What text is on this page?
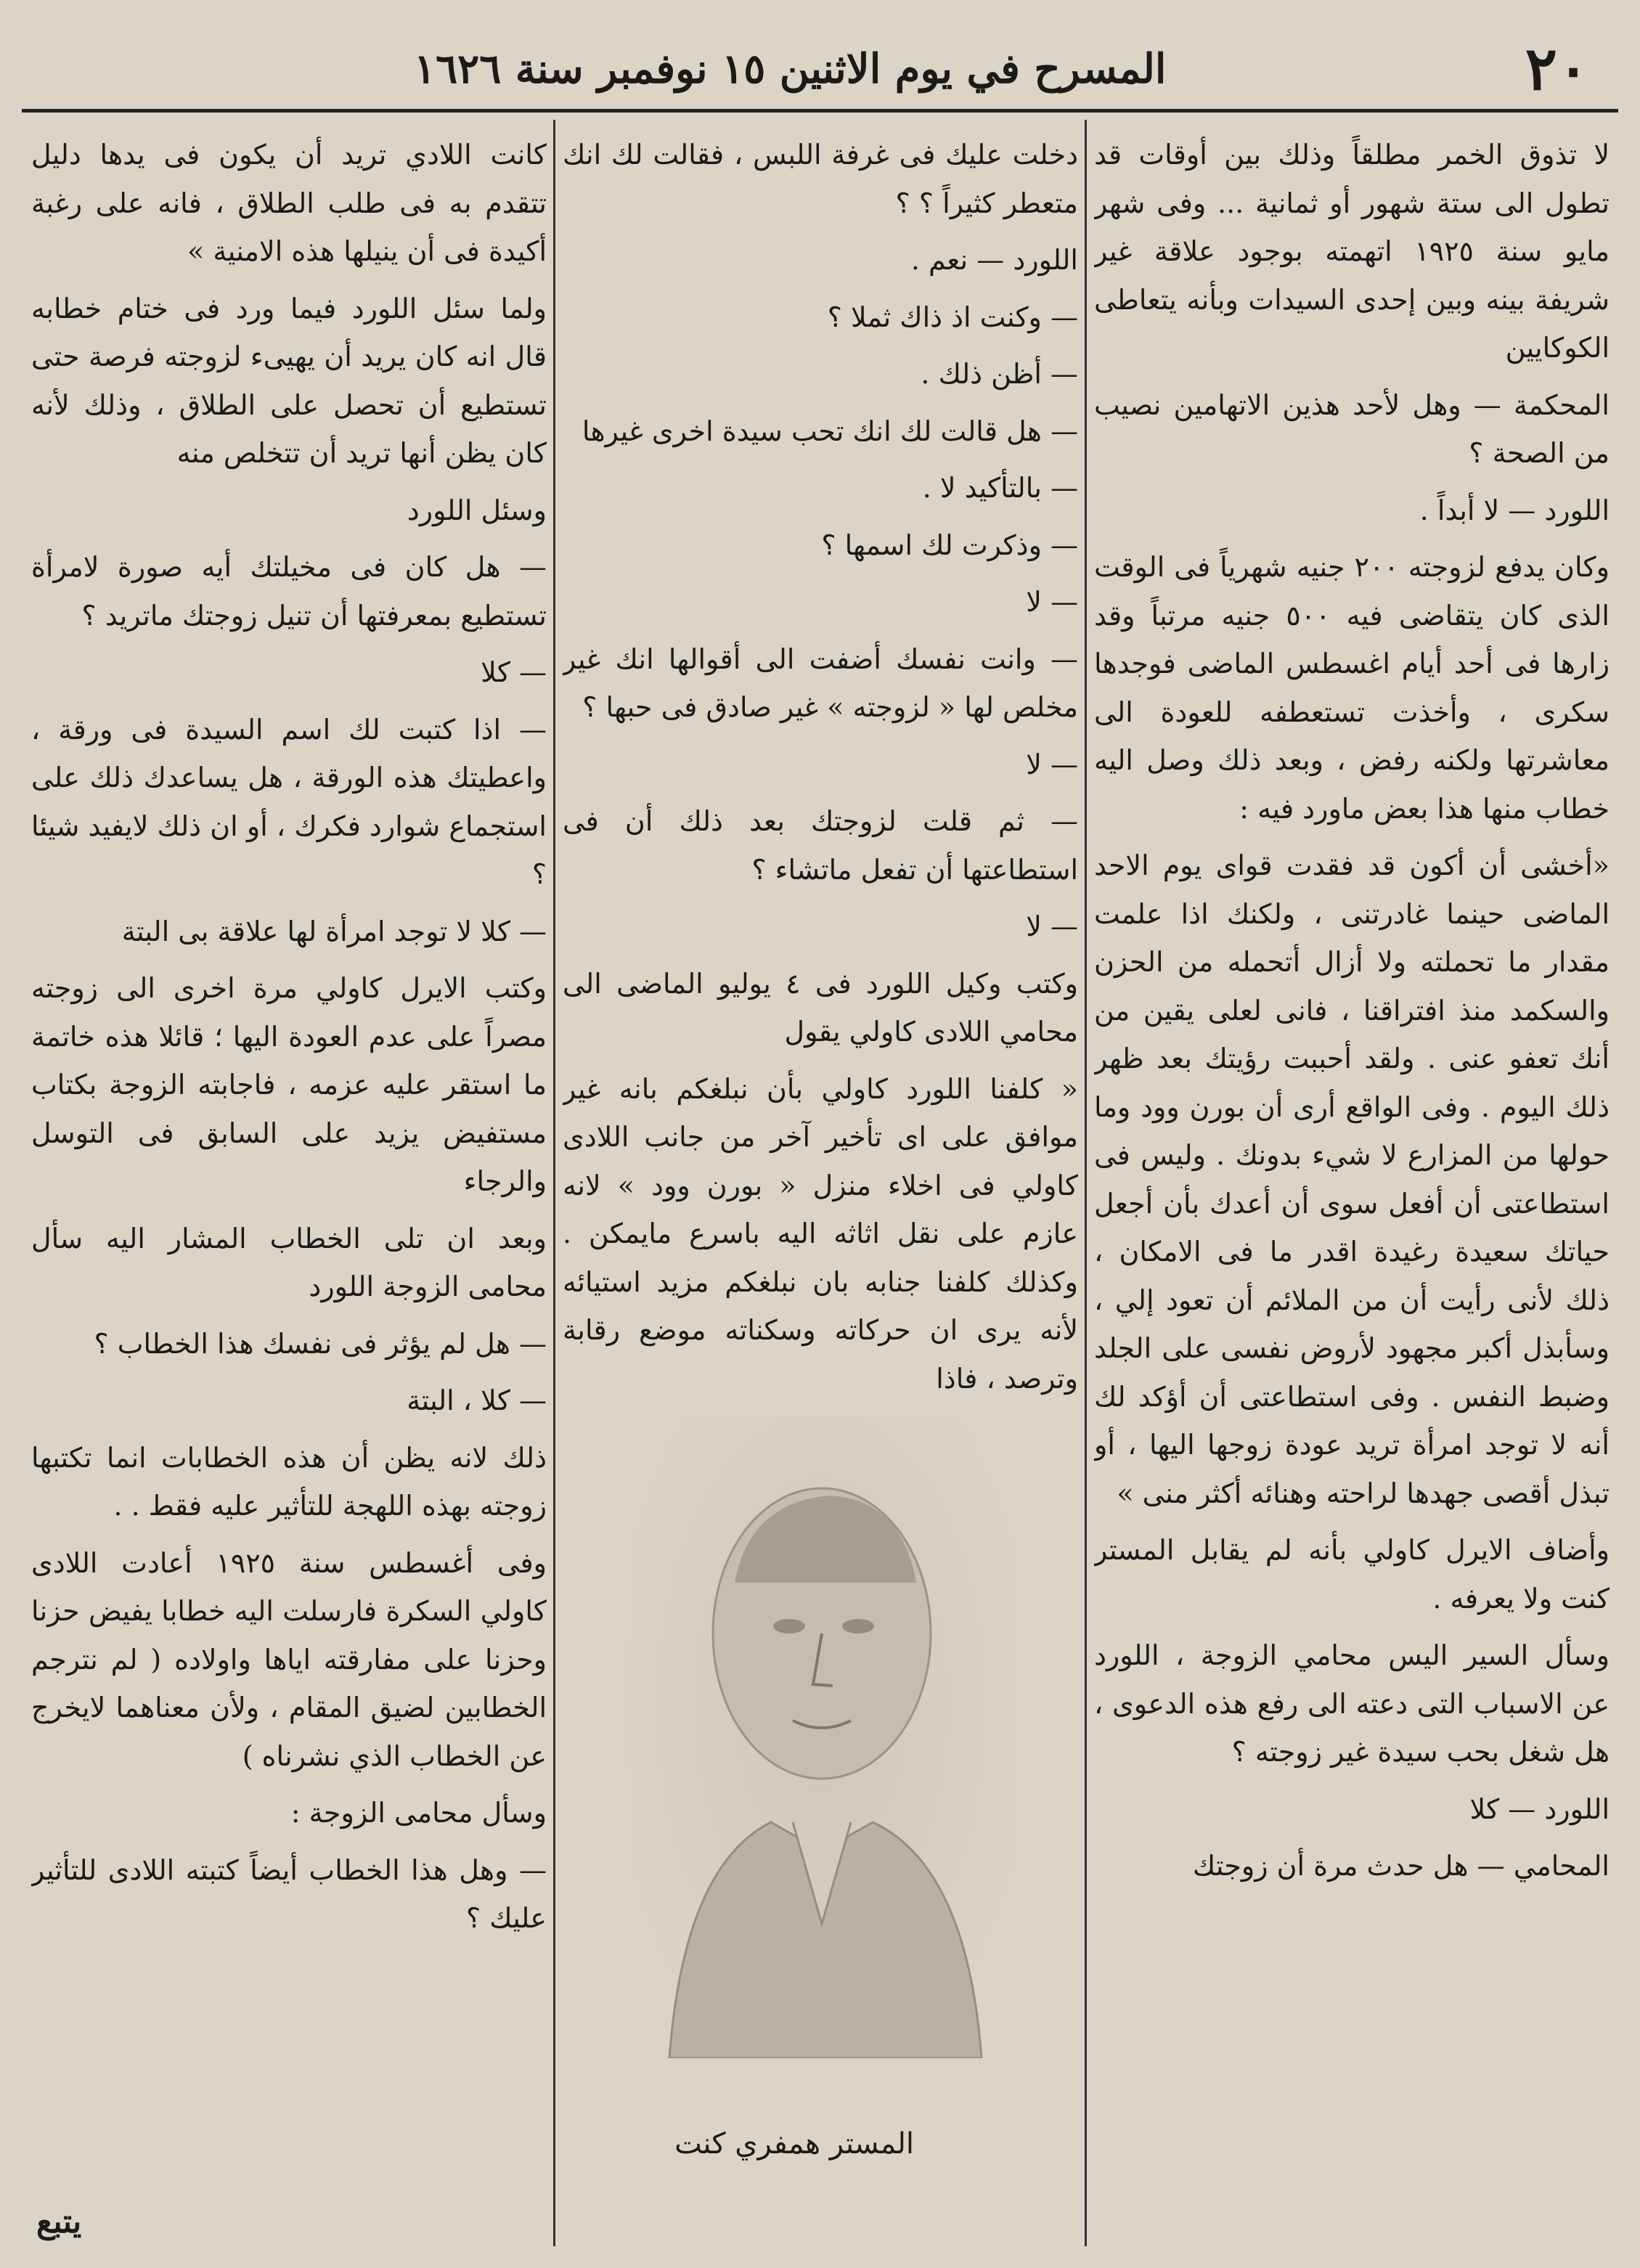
٢٠
المسرح في يوم الاثنين ١٥ نوفمبر سنة ١٦٢٦

لا تذوق الخمر مطلقاً وذلك بين أوقات قد تطول الى ستة شهور أو ثمانية ... وفى شهر مايو سنة ١٩٢٥ اتهمته بوجود علاقة غير شريفة بينه وبين إحدى السيدات وبأنه يتعاطى الكوكايين

المحكمة — وهل لأحد هذين الاتهامين نصيب من الصحة ؟

اللورد — لا أبداً .

وكان يدفع لزوجته ٢٠٠ جنيه شهرياً فى الوقت الذى كان يتقاضى فيه ٥٠٠ جنيه مرتباً وقد زارها فى أحد أيام اغسطس الماضى فوجدها سكرى ، وأخذت تستعطفه للعودة الى معاشرتها ولكنه رفض ، وبعد ذلك وصل اليه خطاب منها هذا بعض ماورد فيه :

«أخشى أن أكون قد فقدت قواى يوم الاحد الماضى حينما غادرتنى ، ولكنك اذا علمت مقدار ما تحملته ولا أزال أتحمله من الحزن والسكمد منذ افتراقنا ، فانى لعلى يقين من أنك تعفو عنى . ولقد أحببت رؤيتك بعد ظهر ذلك اليوم . وفى الواقع أرى أن بورن وود وما حولها من المزارع لا شيء بدونك . وليس فى استطاعتى أن أفعل سوى أن أعدك بأن أجعل حياتك سعيدة رغيدة اقدر ما فى الامكان ، ذلك لأنى رأيت أن من الملائم أن تعود إلي ، وسأبذل أكبر مجهود لأروض نفسى على الجلد وضبط النفس . وفى استطاعتى أن أؤكد لك أنه لا توجد امرأة تريد عودة زوجها اليها ، أو تبذل أقصى جهدها لراحته وهنائه أكثر منى »

وأضاف الايرل كاولي بأنه لم يقابل المستر كنت ولا يعرفه .

وسأل السير اليس محامي الزوجة ، اللورد عن الاسباب التى دعته الى رفع هذه الدعوى ، هل شغل بحب سيدة غير زوجته ؟

اللورد — كلا

المحامي — هل حدث مرة أن زوجتك

دخلت عليك فى غرفة اللبس ، فقالت لك انك متعطر كثيراً ؟ ؟

اللورد — نعم .

— وكنت اذ ذاك ثملا ؟

— أظن ذلك .

— هل قالت لك انك تحب سيدة اخرى غيرها

— بالتأكيد لا .

— وذكرت لك اسمها ؟

— لا

— وانت نفسك أضفت الى أقوالها انك غير مخلص لها « لزوجته » غير صادق فى حبها ؟

— لا

— ثم قلت لزوجتك بعد ذلك أن فى استطاعتها أن تفعل ماتشاء ؟

— لا

وكتب وكيل اللورد فى ٤ يوليو الماضى الى محامي اللادى كاولي يقول

« كلفنا اللورد كاولي بأن نبلغكم بانه غير موافق على اى تأخير آخر من جانب اللادى كاولي فى اخلاء منزل « بورن وود » لانه عازم على نقل اثاثه اليه باسرع مايمكن . وكذلك كلفنا جنابه بان نبلغكم مزيد استيائه لأنه يرى ان حركاته وسكناته موضع رقابة وترصد ، فاذا

المستر همفري كنت

كانت اللادي تريد أن يكون فى يدها دليل تتقدم به فى طلب الطلاق ، فانه على رغبة أكيدة فى أن ينيلها هذه الامنية »

ولما سئل اللورد فيما ورد فى ختام خطابه قال انه كان يريد أن يهيىء لزوجته فرصة حتى تستطيع أن تحصل على الطلاق ، وذلك لأنه كان يظن أنها تريد أن تتخلص منه

وسئل اللورد

— هل كان فى مخيلتك أيه صورة لامرأة تستطيع بمعرفتها أن تنيل زوجتك ماتريد ؟

— كلا

— اذا كتبت لك اسم السيدة فى ورقة ، واعطيتك هذه الورقة ، هل يساعدك ذلك على استجماع شوارد فكرك ، أو ان ذلك لايفيد شيئا ؟

— كلا لا توجد امرأة لها علاقة بى البتة

وكتب الايرل كاولي مرة اخرى الى زوجته مصراً على عدم العودة اليها ؛ قائلا هذه خاتمة ما استقر عليه عزمه ، فاجابته الزوجة بكتاب مستفيض يزيد على السابق فى التوسل والرجاء

وبعد ان تلى الخطاب المشار اليه سأل محامى الزوجة اللورد

— هل لم يؤثر فى نفسك هذا الخطاب ؟

— كلا ، البتة

ذلك لانه يظن أن هذه الخطابات انما تكتبها زوجته بهذه اللهجة للتأثير عليه فقط . .

وفى أغسطس سنة ١٩٢٥ أعادت اللادى كاولي السكرة فارسلت اليه خطابا يفيض حزنا وحزنا على مفارقته اياها واولاده ( لم نترجم الخطابين لضيق المقام ، ولأن معناهما لايخرج عن الخطاب الذي نشرناه )

وسأل محامى الزوجة :

— وهل هذا الخطاب أيضاً كتبته اللادى للتأثير عليك ؟

يتبع
